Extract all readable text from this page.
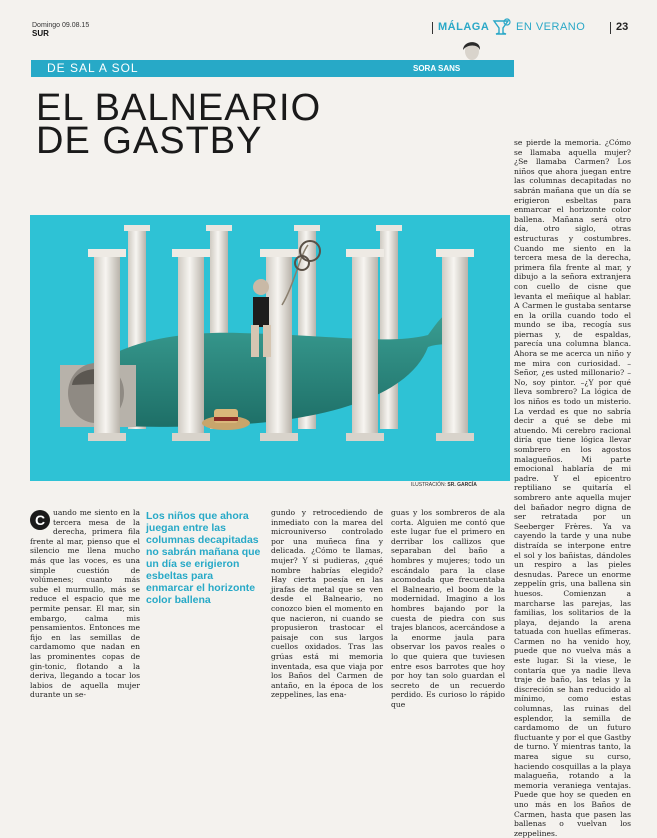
Domingo 09.08.15
SUR
MÁLAGA EN VERANO	23
DE SAL A SOL	SORA SANS
EL BALNEARIO
DE GASTBY
ILUSTRACIÓN: SR. GARCÍA
se pierde la memoria. ¿Cómo se llamaba aquella mujer? ¿Se llamaba Carmen? Los niños que ahora juegan entre las columnas decapitadas no sabrán mañana que un día se erigieron esbeltas para enmarcar el horizonte color ballena. Mañana será otro día, otro siglo, otras estructuras y costumbres. Cuando me siento en la tercera mesa de la derecha, primera fila frente al mar, y dibujo a la señora extranjera con cuello de cisne que levanta el meñique al hablar. A Carmen le gustaba sentarse en la orilla cuando todo el mundo se iba, recogía sus piernas y, de espaldas, parecía una columna blanca. Ahora se me acerca un niño y me mira con curiosidad. –Señor, ¿es usted millonario? –No, soy pintor. –¿Y por qué lleva sombrero? La lógica de los niños es todo un misterio. La verdad es que no sabría decir a qué se debe mi atuendo. Mi cerebro racional diría que tiene lógica llevar sombrero en los agostos malagueños. Mi parte emocional hablaría de mi padre. Y el epicentro reptiliano se quitaría el sombrero ante aquella mujer del bañador negro digna de ser retratada por un Seeberger Frères. Ya va cayendo la tarde y una nube distraída se interpone entre el sol y los bañistas, dándoles un respiro a las pieles desnudas. Parece un enorme zeppelín gris, una ballena sin huesos. Comienzan a marcharse las parejas, las familias, los solitarios de la playa, dejando la arena tatuada con huellas efímeras. Carmen no ha venido hoy, puede que no vuelva más a este lugar. Si la viese, le contaría que ya nadie lleva traje de baño, las telas y la discreción se han reducido al mínimo, como estas columnas, las ruinas del esplendor, la semilla de cardamomo de un futuro fluctuante y por el que Gastby de turno. Y mientras tanto, la marea sigue su curso, haciendo cosquillas a la playa malagueña, rotando a la memoria veraniega ventajas. Puede que hoy se queden en uno más en los Baños de Carmen, hasta que pasen las ballenas o vuelvan los zeppelines.
C	uando me siento en la tercera mesa de la derecha, primera fila frente al mar, pienso que el silencio me llena mucho más que las voces, es una simple cuestión de volúmenes; cuanto más sube el murmullo, más se reduce el espacio que me permite pensar. El mar, sin embargo, calma mis pensamientos. Entonces me fijo en las semillas de cardamomo que nadan en las prominentes copas de gin-tonic, flotando a la deriva, llegando a tocar los labios de aquella mujer durante un se-
Los niños que ahora juegan entre las columnas decapitadas no sabrán mañana que un día se erigieron esbeltas para enmarcar el horizonte color ballena
gundo y retrocediendo de inmediato con la marea del microuniverso controlado por una muñeca fina y delicada. ¿Cómo te llamas, mujer? Y si pudieras, ¿qué nombre habrías elegido? Hay cierta poesía en las jirafas de metal que se ven desde el Balneario, no conozco bien el momento en que nacieron, ni cuando se propusieron trastocar el paisaje con sus largos cuellos oxidados. Tras las grúas está mi memoria inventada, esa que viaja por los Baños del Carmen de antaño, en la época de los zeppelines, las ena-
guas y los sombreros de ala corta. Alguien me contó que este lugar fue el primero en derribar los callizos que separaban del baño a hombres y mujeres; todo un escándalo para la clase acomodada que frecuentaba el Balneario, el boom de la modernidad. Imagino a los hombres bajando por la cuesta de piedra con sus trajes blancos, acercándose a la enorme jaula para observar los pavos reales o lo que quiera que tuviesen entre esos barrotes que hoy por hoy tan solo guardan el secreto de un recuerdo perdido. Es curioso lo rápido que
